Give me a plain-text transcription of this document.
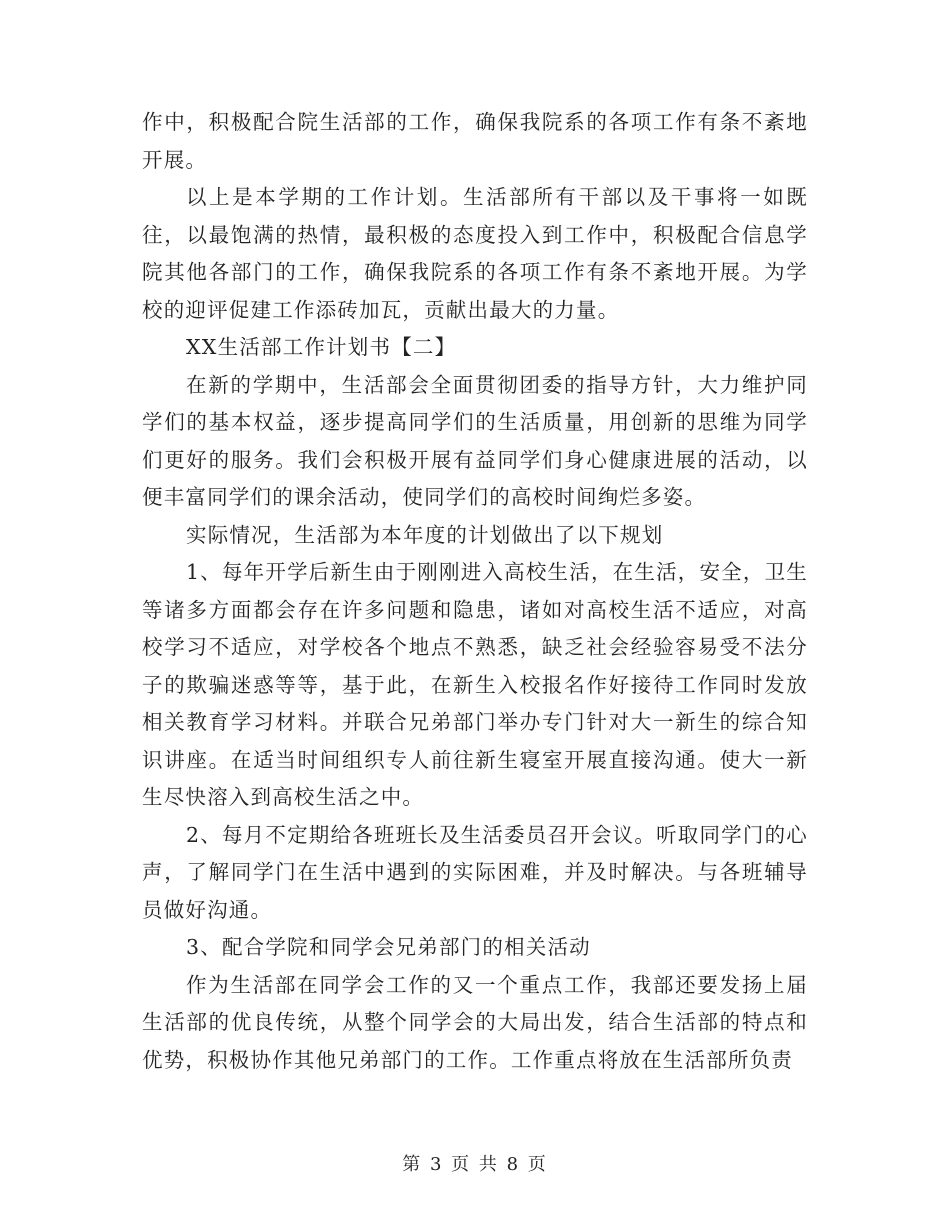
作中，积极配合院生活部的工作，确保我院系的各项工作有条不紊地开展。

以上是本学期的工作计划。生活部所有干部以及干事将一如既往，以最饱满的热情，最积极的态度投入到工作中，积极配合信息学院其他各部门的工作，确保我院系的各项工作有条不紊地开展。为学校的迎评促建工作添砖加瓦，贡献出最大的力量。

XX生活部工作计划书【二】

在新的学期中，生活部会全面贯彻团委的指导方针，大力维护同学们的基本权益，逐步提高同学们的生活质量，用创新的思维为同学们更好的服务。我们会积极开展有益同学们身心健康进展的活动，以便丰富同学们的课余活动，使同学们的高校时间绚烂多姿。

实际情况，生活部为本年度的计划做出了以下规划

1、每年开学后新生由于刚刚进入高校生活，在生活，安全，卫生等诸多方面都会存在许多问题和隐患，诸如对高校生活不适应，对高校学习不适应，对学校各个地点不熟悉，缺乏社会经验容易受不法分子的欺骗迷惑等等，基于此，在新生入校报名作好接待工作同时发放相关教育学习材料。并联合兄弟部门举办专门针对大一新生的综合知识讲座。在适当时间组织专人前往新生寝室开展直接沟通。使大一新生尽快溶入到高校生活之中。

2、每月不定期给各班班长及生活委员召开会议。听取同学门的心声，了解同学门在生活中遇到的实际困难，并及时解决。与各班辅导员做好沟通。

3、配合学院和同学会兄弟部门的相关活动

作为生活部在同学会工作的又一个重点工作，我部还要发扬上届生活部的优良传统，从整个同学会的大局出发，结合生活部的特点和优势，积极协作其他兄弟部门的工作。工作重点将放在生活部所负责

第 3 页 共 8 页
